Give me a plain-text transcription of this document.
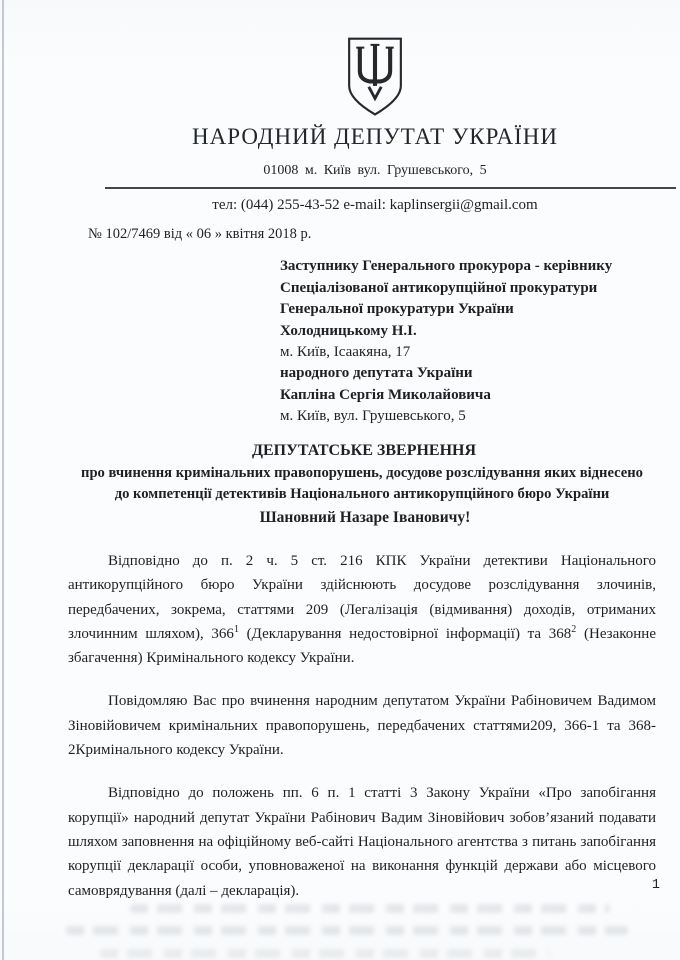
НАРОДНИЙ ДЕПУТАТ УКРАЇНИ
01008 м. Київ вул. Грушевського, 5
тел: (044) 255-43-52 e-mail: kaplinsergii@gmail.com
№ 102/7469 від « 06 » квітня 2018 р.
Заступнику Генерального прокурора - керівнику
Спеціалізованої антикорупційної прокуратури
Генеральної прокуратури України
Холодницькому Н.І.
м. Київ, Ісаакяна, 17
народного депутата України
Капліна Сергія Миколайовича
м. Київ, вул. Грушевського, 5
ДЕПУТАТСЬКЕ ЗВЕРНЕННЯ
про вчинення кримінальних правопорушень, досудове розслідування яких віднесено
до компетенції детективів Національного антикорупційного бюро України
Шановний Назаре Івановичу!

Відповідно до п. 2 ч. 5 ст. 216 КПК України детективи Національного антикорупційного бюро України здійснюють досудове розслідування злочинів, передбачених, зокрема, статтями 209 (Легалізація (відмивання) доходів, отриманих злочинним шляхом), $366^1$ (Декларування недостовірної інформації) та $368^2$ (Незаконне збагачення) Кримінального кодексу України.

Повідомляю Вас про вчинення народним депутатом України Рабіновичем Вадимом Зіновійовичем кримінальних правопорушень, передбачених статтями209, 366-1 та 368-2Кримінального кодексу України.

Відповідно до положень пп. 6 п. 1 статті 3 Закону України «Про запобігання корупції» народний депутат України Рабінович Вадим Зіновійович зобов’язаний подавати шляхом заповнення на офіційному веб-сайті Національного агентства з питань запобігання корупції декларації особи, уповноваженої на виконання функцій держави або місцевого самоврядування (далі – декларація).	1
